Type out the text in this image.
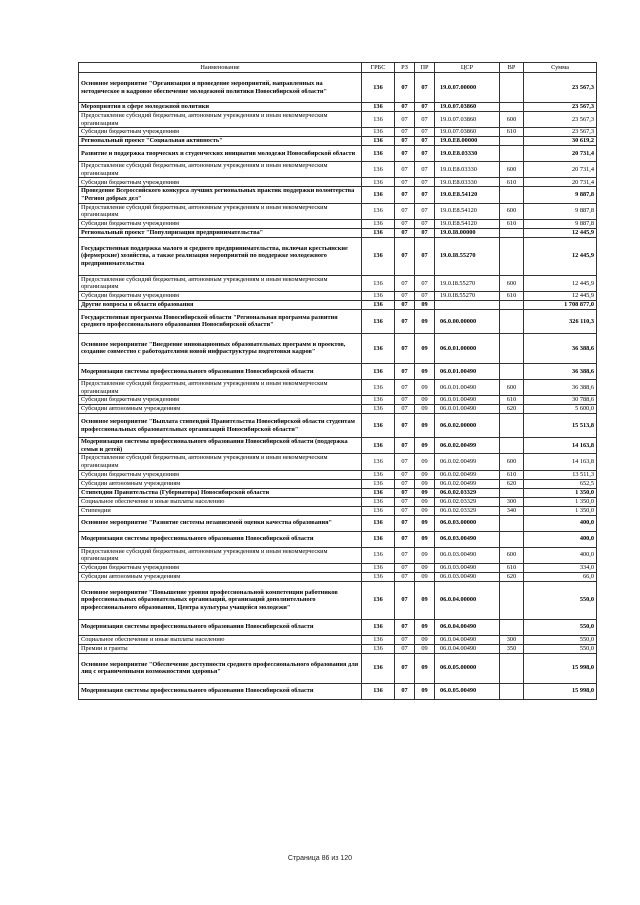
Наименование	ГРБС	РЗ	ПР	ЦСР	ВР	Сумма
Основное мероприятие "Организация и проведение мероприятий, направленных на методическое и кадровое обеспечение молодежной политики Новосибирской области"	136	07	07	19.0.07.00000		23 567,3
Мероприятия в сфере молодежной политики	136	07	07	19.0.07.03860		23 567,3
Предоставление субсидий бюджетным, автономным учреждениям и иным некоммерческим организациям	136	07	07	19.0.07.03860	600	23 567,3
Субсидии бюджетным учреждениям	136	07	07	19.0.07.03860	610	23 567,3
Региональный проект "Социальная активность"	136	07	07	19.0.E8.00000		30 619,2
Развитие и поддержка творческих и студенческих инициатив молодежи Новосибирской области	136	07	07	19.0.E8.03330		20 731,4
Предоставление субсидий бюджетным, автономным учреждениям и иным некоммерческим организациям	136	07	07	19.0.E8.03330	600	20 731,4
Субсидии бюджетным учреждениям	136	07	07	19.0.E8.03330	610	20 731,4
Проведение Всероссийского конкурса лучших региональных практик поддержки волонтерства "Регион добрых дел"	136	07	07	19.0.E8.54120		9 887,8
Предоставление субсидий бюджетным, автономным учреждениям и иным некоммерческим организациям	136	07	07	19.0.E8.54120	600	9 887,8
Субсидии бюджетным учреждениям	136	07	07	19.0.E8.54120	610	9 887,8
Региональный проект "Популяризация предпринимательства"	136	07	07	19.0.I8.00000		12 445,9
Государственная поддержка малого и среднего предпринимательства, включая крестьянские (фермерские) хозяйства, а также реализация мероприятий по поддержке молодежного предпринимательства	136	07	07	19.0.I8.55270		12 445,9
Предоставление субсидий бюджетным, автономным учреждениям и иным некоммерческим организациям	136	07	07	19.0.I8.55270	600	12 445,9
Субсидии бюджетным учреждениям	136	07	07	19.0.I8.55270	610	12 445,9
Другие вопросы в области образования	136	07	09			1 708 877,0
Государственная программа Новосибирской области "Региональная программа развития среднего профессионального образования Новосибирской области"	136	07	09	06.0.00.00000		326 110,3
Основное мероприятие "Внедрение инновационных образовательных программ и проектов, создание совместно с работодателями новой инфраструктуры подготовки кадров"	136	07	09	06.0.01.00000		36 388,6
Модернизация системы профессионального образования Новосибирской области	136	07	09	06.0.01.00490		36 388,6
Предоставление субсидий бюджетным, автономным учреждениям и иным некоммерческим организациям	136	07	09	06.0.01.00490	600	36 388,6
Субсидии бюджетным учреждениям	136	07	09	06.0.01.00490	610	30 788,6
Субсидии автономным учреждениям	136	07	09	06.0.01.00490	620	5 600,0
Основное мероприятие "Выплата стипендий Правительства Новосибирской области студентам профессиональных образовательных организаций Новосибирской области"	136	07	09	06.0.02.00000		15 513,8
Модернизация системы профессионального образования Новосибирской области (поддержка семьи и детей)	136	07	09	06.0.02.00499		14 163,8
Предоставление субсидий бюджетным, автономным учреждениям и иным некоммерческим организациям	136	07	09	06.0.02.00499	600	14 163,8
Субсидии бюджетным учреждениям	136	07	09	06.0.02.00499	610	13 511,3
Субсидии автономным учреждениям	136	07	09	06.0.02.00499	620	652,5
Стипендии Правительства (Губернатора) Новосибирской области	136	07	09	06.0.02.03329		1 350,0
Социальное обеспечение и иные выплаты населению	136	07	09	06.0.02.03329	300	1 350,0
Стипендии	136	07	09	06.0.02.03329	340	1 350,0
Основное мероприятие "Развитие системы независимой оценки качества образования"	136	07	09	06.0.03.00000		400,0
Модернизация системы профессионального образования Новосибирской области	136	07	09	06.0.03.00490		400,0
Предоставление субсидий бюджетным, автономным учреждениям и иным некоммерческим организациям	136	07	09	06.0.03.00490	600	400,0
Субсидии бюджетным учреждениям	136	07	09	06.0.03.00490	610	334,0
Субсидии автономным учреждениям	136	07	09	06.0.03.00490	620	66,0
Основное мероприятие "Повышение уровня профессиональной компетенции работников профессиональных образовательных организаций, организаций дополнительного профессионального образования, Центра культуры учащейся молодежи"	136	07	09	06.0.04.00000		550,0
Модернизация системы профессионального образования Новосибирской области	136	07	09	06.0.04.00490		550,0
Социальное обеспечение и иные выплаты населению	136	07	09	06.0.04.00490	300	550,0
Премии и гранты	136	07	09	06.0.04.00490	350	550,0
Основное мероприятие "Обеспечение доступности среднего профессионального образования для лиц с ограниченными возможностями здоровья"	136	07	09	06.0.05.00000		15 998,0
Модернизация системы профессионального образования Новосибирской области	136	07	09	06.0.05.00490		15 998,0
Страница 86 из 120
